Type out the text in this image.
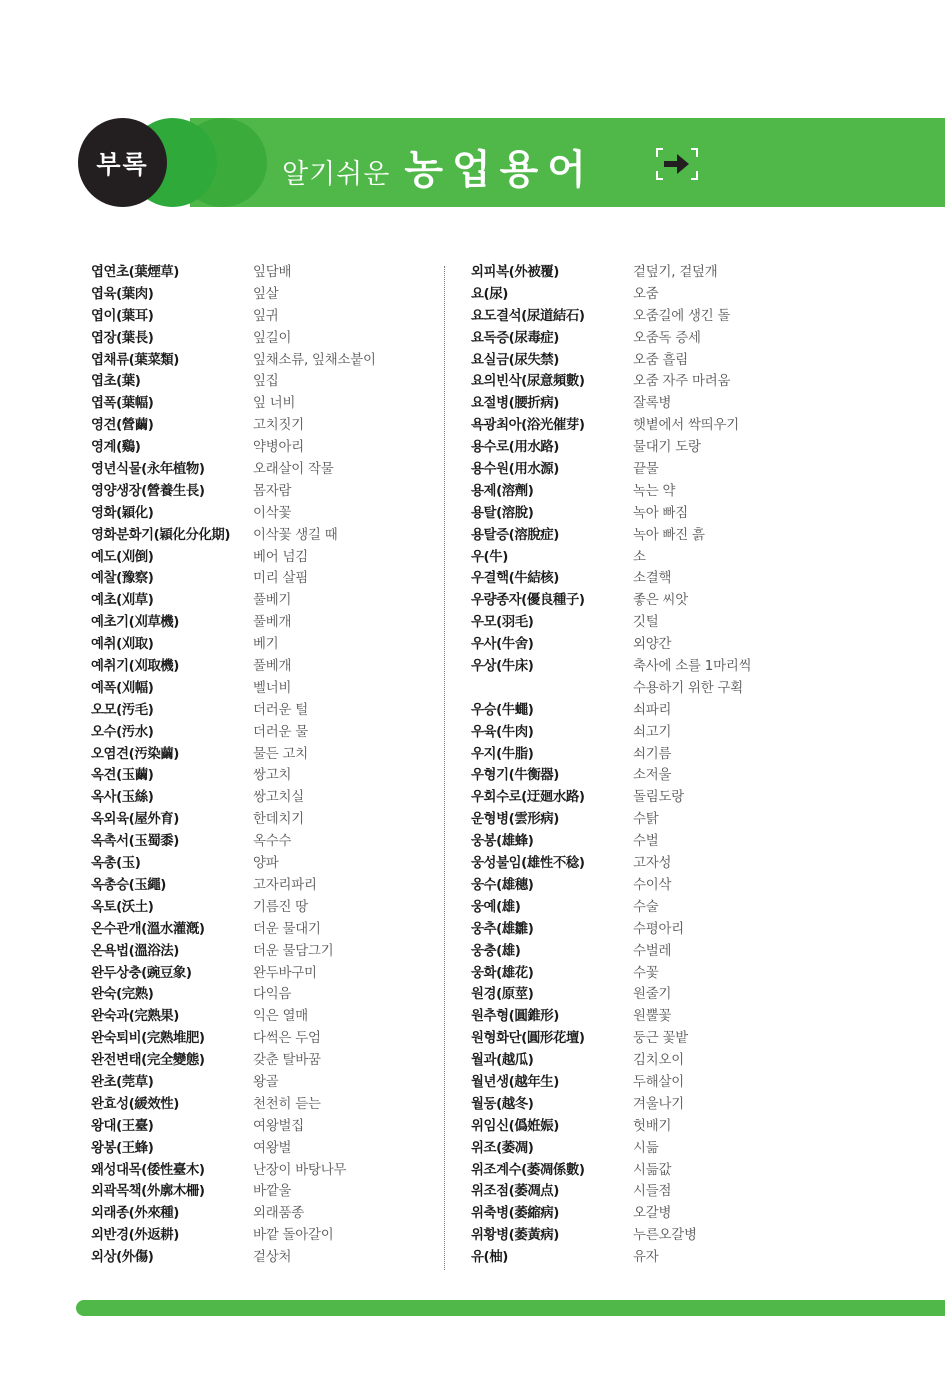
부록	알기쉬운 농업용어
엽연초(葉煙草)	잎담배
엽육(葉肉)	잎살
엽이(葉耳)	잎귀
엽장(葉長)	잎길이
엽채류(葉菜類)	잎채소류, 잎채소붙이
엽초(葉)	잎집
엽폭(葉幅)	잎 너비
영견(營繭)	고치짓기
영계(鷄)	약병아리
영년식물(永年植物)	오래살이 작물
영양생장(營養生長)	몸자람
영화(穎化)	이삭꽃
영화분화기(穎化分化期) 이삭꽃 생길 때
예도(刈倒)	베어 넘김
예찰(豫察)	미리 살핌
예초(刈草)	풀베기
예초기(刈草機)	풀베개
예취(刈取)	베기
예취기(刈取機)	풀베개
예폭(刈幅)	벨너비
오모(汚毛)	더러운 털
오수(汚水)	더러운 물
오염견(汚染繭)	물든 고치
옥견(玉繭)	쌍고치
옥사(玉絲)	쌍고치실
옥외육(屋外育)	한데치기
옥촉서(玉蜀黍)	옥수수
옥총(玉)	양파
옥총승(玉繩)	고자리파리
옥토(沃土)	기름진 땅
온수관개(溫水灌漑)	더운 물대기
온욕법(溫浴法)	더운 물담그기
완두상충(豌豆象)	완두바구미
완숙(完熟)	다익음
완숙과(完熟果)	익은 열매
완숙퇴비(完熟堆肥)	다썩은 두엄
완전변태(完全變態)	갖춘 탈바꿈
완초(莞草)	왕골
완효성(緩效性)	천천히 듣는
왕대(王臺)	여왕벌집
왕봉(王蜂)	여왕벌
왜성대목(倭性臺木)	난장이 바탕나무
외곽목책(外廓木柵)	바깥울
외래종(外來種)	외래품종
외반경(外返耕)	바깥 돌아갈이
외상(外傷)	겉상처
외피복(外被覆)	겉덮기, 겉덮개
요(尿)	오줌
요도결석(尿道結石)	오줌길에 생긴 돌
요독증(尿毒症)	오줌독 증세
요실금(尿失禁)	오줌 흘림
요의빈삭(尿意頻數)	오줌 자주 마려움
요절병(腰折病)	잘록병
욕광최아(浴光催芽)	햇볕에서 싹띄우기
용수로(用水路)	물대기 도랑
용수원(用水源)	끝물
용제(溶劑)	녹는 약
용탈(溶脫)	녹아 빠짐
용탈증(溶脫症)	녹아 빠진 흙
우(牛)	소
우결핵(牛結核)	소결핵
우량종자(優良種子)	좋은 씨앗
우모(羽毛)	깃털
우사(牛舍)	외양간
우상(牛床)	축사에 소를 1마리씩
수용하기 위한 구획
우승(牛蠅)	쇠파리
우육(牛肉)	쇠고기
우지(牛脂)	쇠기름
우형기(牛衡器)	소저울
우회수로(迂廻水路)	돌림도랑
운형병(雲形病)	수탉
웅봉(雄蜂)	수벌
웅성불임(雄性不稔)	고자성
웅수(雄穗)	수이삭
웅예(雄)	수술
웅추(雄雛)	수평아리
웅충(雄)	수벌레
웅화(雄花)	수꽃
원경(原莖)	원줄기
원추형(圓錐形)	원뿔꽃
원형화단(圓形花壇)	둥근 꽃밭
월과(越瓜)	김치오이
월년생(越年生)	두해살이
월동(越冬)	겨울나기
위임신(僞姙娠)	헛배기
위조(萎凋)	시듦
위조계수(萎凋係數)	시듦값
위조점(萎凋点)	시들점
위축병(萎縮病)	오갈병
위황병(萎黃病)	누른오갈병
유(柚)	유자
